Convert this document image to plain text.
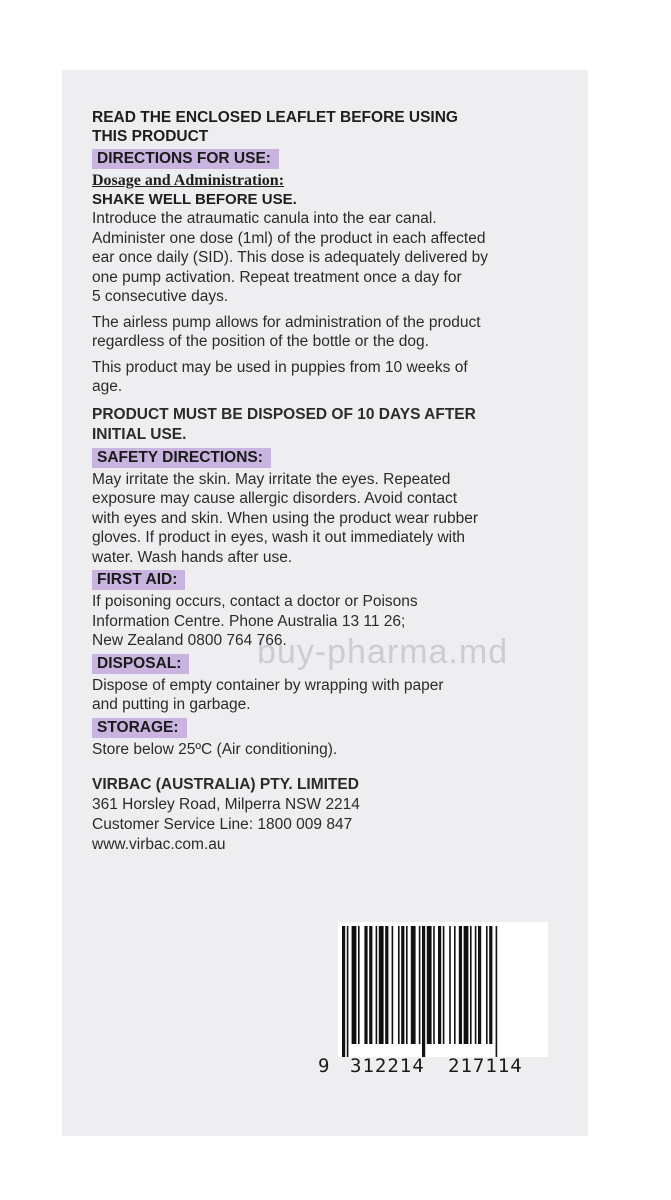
buy-pharma.md
READ THE ENCLOSED LEAFLET BEFORE USING
THIS PRODUCT
DIRECTIONS FOR USE:
Dosage and Administration:
SHAKE WELL BEFORE USE.

Introduce the atraumatic canula into the ear canal.

Administer one dose (1ml) of the product in each affected

ear once daily (SID). This dose is adequately delivered by

one pump activation. Repeat treatment once a day for

5 consecutive days.

The airless pump allows for administration of the product

regardless of the position of the bottle or the dog.

This product may be used in puppies from 10 weeks of

age.

PRODUCT MUST BE DISPOSED OF 10 DAYS AFTER
INITIAL USE.
SAFETY DIRECTIONS:

May irritate the skin. May irritate the eyes. Repeated

exposure may cause allergic disorders. Avoid contact

with eyes and skin. When using the product wear rubber

gloves. If product in eyes, wash it out immediately with

water. Wash hands after use.

FIRST AID:

If poisoning occurs, contact a doctor or Poisons

Information Centre. Phone Australia 13 11 26;

New Zealand 0800 764 766.

DISPOSAL:

Dispose of empty container by wrapping with paper

and putting in garbage.

STORAGE:

Store below 25ºC (Air conditioning).

VIRBAC (AUSTRALIA) PTY. LIMITED
361 Horsley Road, Milperra NSW 2214
Customer Service Line: 1800 009 847
www.virbac.com.au
9 312214 217114
